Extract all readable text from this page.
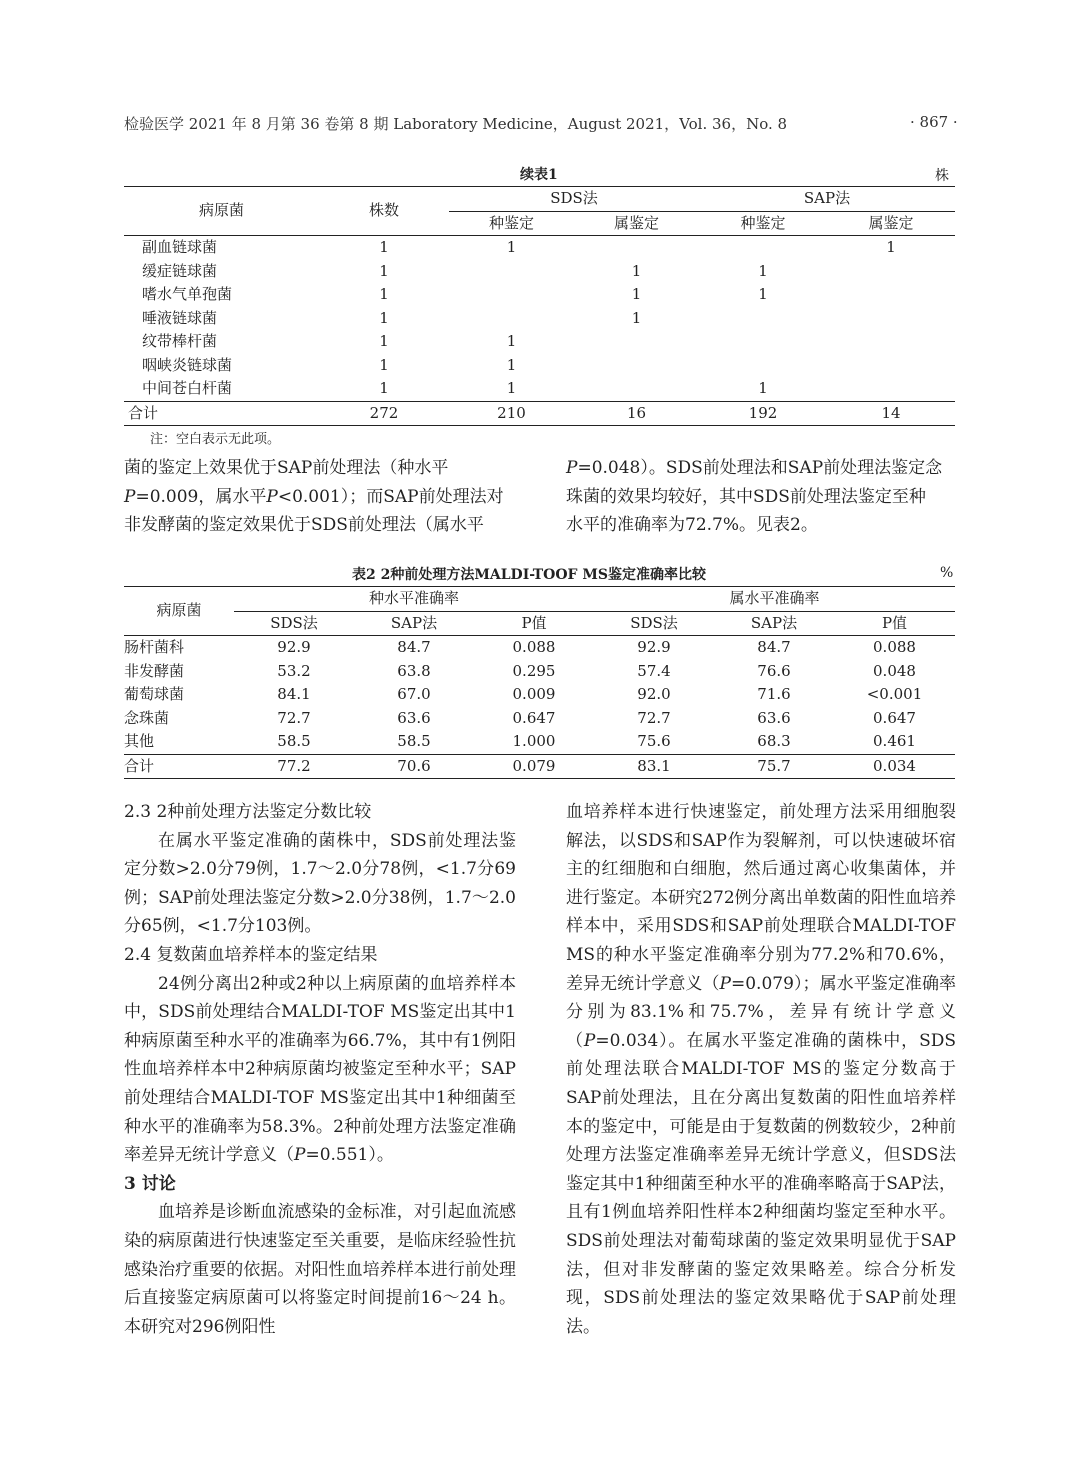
检验医学 2021 年 8 月第 36 卷第 8 期 Laboratory Medicine，August 2021，Vol. 36，No. 8	· 867 ·
续表1	株
病原菌	株数	SDS法		SAP法	
		种鉴定	属鉴定	种鉴定	属鉴定
副血链球菌	1	1			1
缓症链球菌	1		1	1	
嗜水气单孢菌	1		1	1	
唾液链球菌	1		1		
纹带棒杆菌	1	1			
咽峡炎链球菌	1	1			
中间苍白杆菌	1	1		1	
合计	272	210	16	192	14
注：空白表示无此项。

菌的鉴定上效果优于SAP前处理法（种水平

P=0.009，属水平P<0.001）；而SAP前处理法对

非发酵菌的鉴定效果优于SDS前处理法（属水平

P=0.048）。SDS前处理法和SAP前处理法鉴定念

珠菌的效果均较好，其中SDS前处理法鉴定至种

水平的准确率为72.7%。见表2。

表2 2种前处理方法MALDI-TOOF MS鉴定准确率比较	%
病原菌	种水平准确率			属水平准确率		
	SDS法	SAP法	P值	SDS法	SAP法	P值
肠杆菌科	92.9	84.7	0.088	92.9	84.7	0.088
非发酵菌	53.2	63.8	0.295	57.4	76.6	0.048
葡萄球菌	84.1	67.0	0.009	92.0	71.6	<0.001
念珠菌	72.7	63.6	0.647	72.7	63.6	0.647
其他	58.5	58.5	1.000	75.6	68.3	0.461
合计	77.2	70.6	0.079	83.1	75.7	0.034

2.3 2种前处理方法鉴定分数比较

在属水平鉴定准确的菌株中，SDS前处理法鉴定分数>2.0分79例，1.7～2.0分78例，<1.7分69例；SAP前处理法鉴定分数>2.0分38例，1.7～2.0分65例，<1.7分103例。

2.4 复数菌血培养样本的鉴定结果

24例分离出2种或2种以上病原菌的血培养样本中，SDS前处理结合MALDI-TOF MS鉴定出其中1种病原菌至种水平的准确率为66.7%，其中有1例阳性血培养样本中2种病原菌均被鉴定至种水平；SAP前处理结合MALDI-TOF MS鉴定出其中1种细菌至种水平的准确率为58.3%。2种前处理方法鉴定准确率差异无统计学意义（P=0.551）。

3 讨论

血培养是诊断血流感染的金标准，对引起血流感染的病原菌进行快速鉴定至关重要，是临床经验性抗感染治疗重要的依据。对阳性血培养样本进行前处理后直接鉴定病原菌可以将鉴定时间提前16～24 h。本研究对296例阳性

血培养样本进行快速鉴定，前处理方法采用细胞裂解法，以SDS和SAP作为裂解剂，可以快速破坏宿主的红细胞和白细胞，然后通过离心收集菌体，并进行鉴定。本研究272例分离出单数菌的阳性血培养样本中，采用SDS和SAP前处理联合MALDI-TOF MS的种水平鉴定准确率分别为77.2%和70.6%，差异无统计学意义（P=0.079）；属水平鉴定准确率分别为83.1%和75.7%，差异有统计学意义（P=0.034）。在属水平鉴定准确的菌株中，SDS前处理法联合MALDI-TOF MS的鉴定分数高于SAP前处理法，且在分离出复数菌的阳性血培养样本的鉴定中，可能是由于复数菌的例数较少，2种前处理方法鉴定准确率差异无统计学意义，但SDS法鉴定其中1种细菌至种水平的准确率略高于SAP法，且有1例血培养阳性样本2种细菌均鉴定至种水平。SDS前处理法对葡萄球菌的鉴定效果明显优于SAP法，但对非发酵菌的鉴定效果略差。综合分析发现，SDS前处理法的鉴定效果略优于SAP前处理法。
